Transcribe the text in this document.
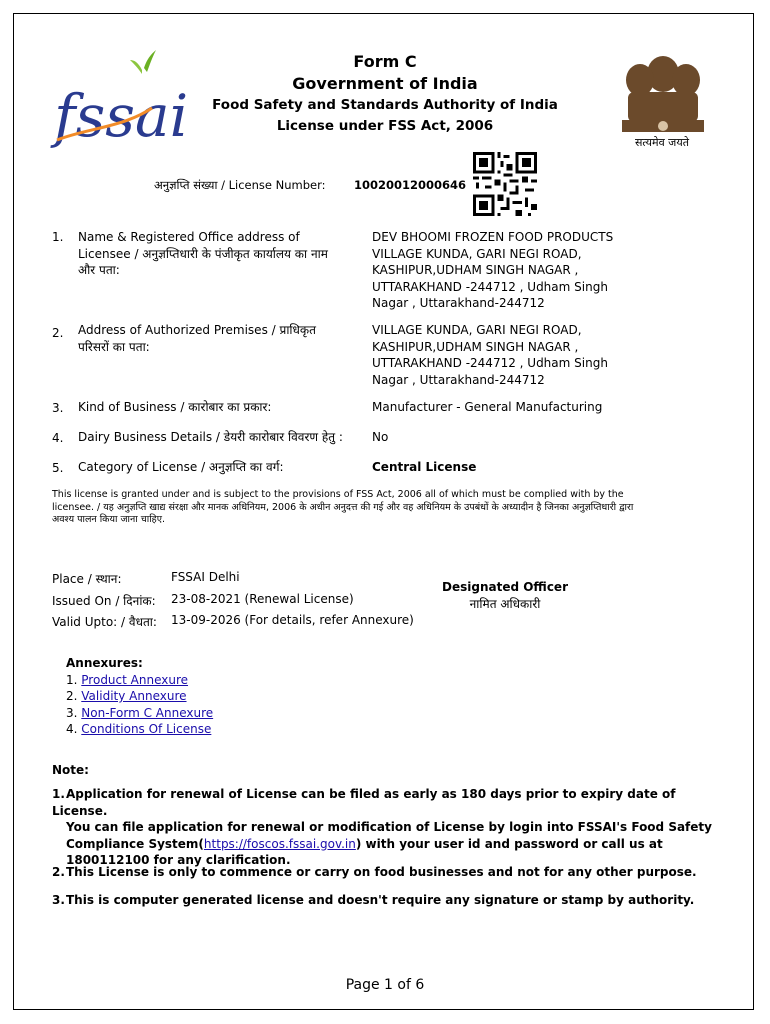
fssai	सत्यमेव जयते
Form C
Government of India
Food Safety and Standards Authority of India
License under FSS Act, 2006
अनुज्ञप्ति संख्या / License Number: 10020012000646
1. Name & Registered Office address of Licensee / अनुज्ञप्तिधारी के पंजीकृत कार्यालय का नाम और पता:
DEV BHOOMI FROZEN FOOD PRODUCTS VILLAGE KUNDA, GARI NEGI ROAD, KASHIPUR,UDHAM SINGH NAGAR , UTTARAKHAND -244712 , Udham Singh Nagar , Uttarakhand-244712
2. Address of Authorized Premises / प्राधिकृत परिसरों का पता:
VILLAGE KUNDA, GARI NEGI ROAD, KASHIPUR,UDHAM SINGH NAGAR , UTTARAKHAND -244712 , Udham Singh Nagar , Uttarakhand-244712
3. Kind of Business / कारोबार का प्रकार:	Manufacturer - General Manufacturing
4. Dairy Business Details / डेयरी कारोबार विवरण हेतु :	No
5. Category of License / अनुज्ञप्ति का वर्ग:	Central License
This license is granted under and is subject to the provisions of FSS Act, 2006 all of which must be complied with by the licensee. / यह अनुज्ञप्ति खाद्य संरक्षा और मानक अधिनियम, 2006 के अधीन अनुदत्त की गई और वह अधिनियम के उपबंधों के अध्यादीन है जिनका अनुज्ञप्तिधारी द्वारा अवश्य पालन किया जाना चाहिए.
Place / स्थान:	FSSAI Delhi
Issued On / दिनांक: 23-08-2021 (Renewal License)
Valid Upto: / वैधता: 13-09-2026 (For details, refer Annexure)
Designated Officer
नामित अधिकारी
Annexures:
1. Product Annexure
2. Validity Annexure
3. Non-Form C Annexure
4. Conditions Of License
Note:
1.Application for renewal of License can be filed as early as 180 days prior to expiry date of License.
You can file application for renewal or modification of License by login into FSSAI's Food Safety Compliance System(https://foscos.fssai.gov.in) with your user id and password or call us at 1800112100 for any clarification.
2.This License is only to commence or carry on food businesses and not for any other purpose.
3.This is computer generated license and doesn't require any signature or stamp by authority.
Page 1 of 6
